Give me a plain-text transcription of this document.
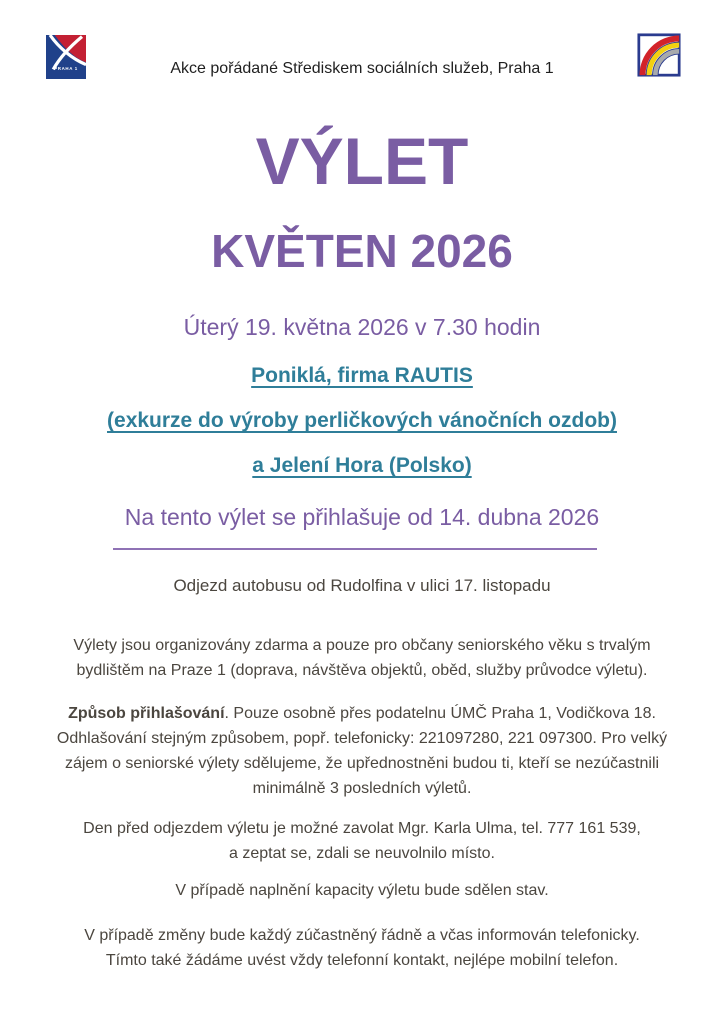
PRAHA 1	Akce pořádané Střediskem sociálních služeb, Praha 1
VÝLET
KVĚTEN 2026
Úterý 19. května 2026 v 7.30 hodin
Poniklá, firma RAUTIS
(exkurze do výroby perličkových vánočních ozdob)
a Jelení Hora (Polsko)
Na tento výlet se přihlašuje od 14. dubna 2026
Odjezd autobusu od Rudolfina v ulici 17. listopadu

Výlety jsou organizovány zdarma a pouze pro občany seniorského věku s trvalým
bydlištěm na Praze 1 (doprava, návštěva objektů, oběd, služby průvodce výletu).

Způsob přihlašování. Pouze osobně přes podatelnu ÚMČ Praha 1, Vodičkova 18.
Odhlašování stejným způsobem, popř. telefonicky: 221097280, 221 097300. Pro velký
zájem o seniorské výlety sdělujeme, že upřednostněni budou ti, kteří se nezúčastnili
minimálně 3 posledních výletů.

Den před odjezdem výletu je možné zavolat Mgr. Karla Ulma, tel. 777 161 539,
a zeptat se, zdali se neuvolnilo místo.

V případě naplnění kapacity výletu bude sdělen stav.

V případě změny bude každý zúčastněný řádně a včas informován telefonicky.
Tímto také žádáme uvést vždy telefonní kontakt, nejlépe mobilní telefon.
